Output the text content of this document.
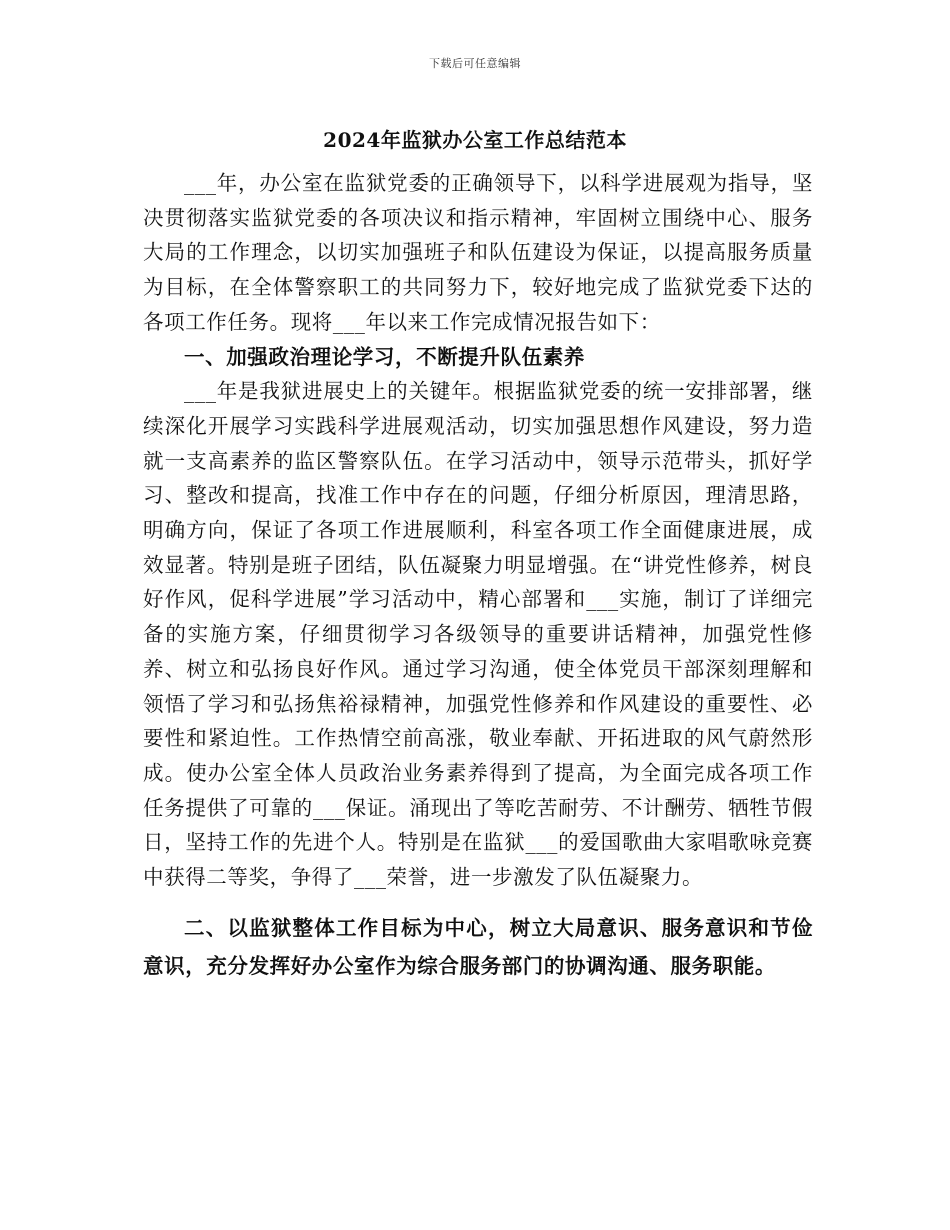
下载后可任意编辑
2024年监狱办公室工作总结范本

___年，办公室在监狱党委的正确领导下，以科学进展观为指导，坚决贯彻落实监狱党委的各项决议和指示精神，牢固树立围绕中心、服务大局的工作理念，以切实加强班子和队伍建设为保证，以提高服务质量为目标，在全体警察职工的共同努力下，较好地完成了监狱党委下达的各项工作任务。现将___年以来工作完成情况报告如下：

一、加强政治理论学习，不断提升队伍素养

___年是我狱进展史上的关键年。根据监狱党委的统一安排部署，继续深化开展学习实践科学进展观活动，切实加强思想作风建设，努力造就一支高素养的监区警察队伍。在学习活动中，领导示范带头，抓好学习、整改和提高，找准工作中存在的问题，仔细分析原因，理清思路，明确方向，保证了各项工作进展顺利，科室各项工作全面健康进展，成效显著。特别是班子团结，队伍凝聚力明显增强。在“讲党性修养，树良好作风，促科学进展”学习活动中，精心部署和___实施，制订了详细完备的实施方案，仔细贯彻学习各级领导的重要讲话精神，加强党性修养、树立和弘扬良好作风。通过学习沟通，使全体党员干部深刻理解和领悟了学习和弘扬焦裕禄精神，加强党性修养和作风建设的重要性、必要性和紧迫性。工作热情空前高涨，敬业奉献、开拓进取的风气蔚然形成。使办公室全体人员政治业务素养得到了提高，为全面完成各项工作任务提供了可靠的___保证。涌现出了等吃苦耐劳、不计酬劳、牺牲节假日，坚持工作的先进个人。特别是在监狱___的爱国歌曲大家唱歌咏竞赛中获得二等奖，争得了___荣誉，进一步激发了队伍凝聚力。

二、以监狱整体工作目标为中心，树立大局意识、服务意识和节俭意识，充分发挥好办公室作为综合服务部门的协调沟通、服务职能。
